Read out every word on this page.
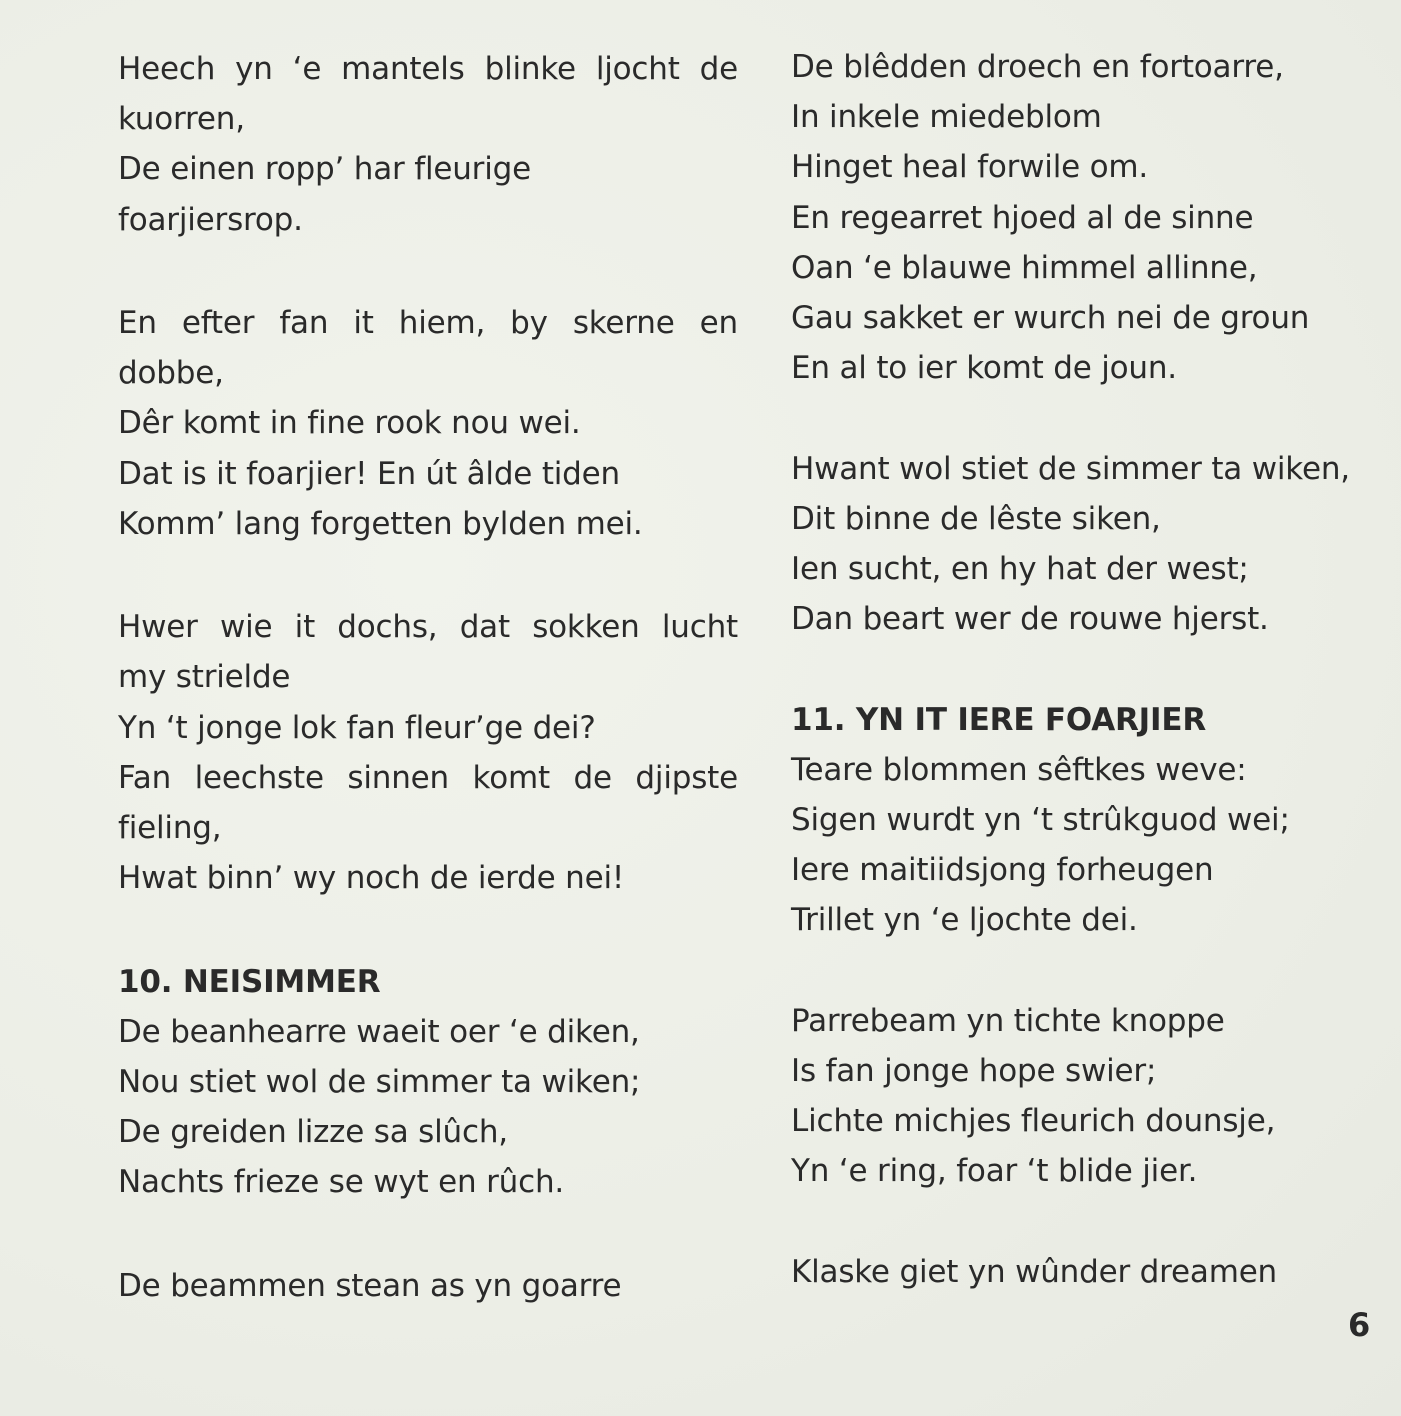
Heech yn ‘e mantels blinke ljocht de
kuorren,
De einen ropp’ har fleurige
foarjiersrop.
En efter fan it hiem, by skerne en
dobbe,
Dêr komt in fine rook nou wei.
Dat is it foarjier! En út âlde tiden
Komm’ lang forgetten bylden mei.
Hwer wie it dochs, dat sokken lucht
my strielde
Yn ‘t jonge lok fan fleur’ge dei?
Fan leechste sinnen komt de djipste
fieling,
Hwat binn’ wy noch de ierde nei!
10. NEISIMMER
De beanhearre waeit oer ‘e diken,
Nou stiet wol de simmer ta wiken;
De greiden lizze sa slûch,
Nachts frieze se wyt en rûch.
De beammen stean as yn goarre
De blêdden droech en fortoarre,
In inkele miedeblom
Hinget heal forwile om.
En regearret hjoed al de sinne
Oan ‘e blauwe himmel allinne,
Gau sakket er wurch nei de groun
En al to ier komt de joun.
Hwant wol stiet de simmer ta wiken,
Dit binne de lêste siken,
Ien sucht, en hy hat der west;
Dan beart wer de rouwe hjerst.
11. YN IT IERE FOARJIER
Teare blommen sêftkes weve:
Sigen wurdt yn ‘t strûkguod wei;
Iere maitiidsjong forheugen
Trillet yn ‘e ljochte dei.
Parrebeam yn tichte knoppe
Is fan jonge hope swier;
Lichte michjes fleurich dounsje,
Yn ‘e ring, foar ‘t blide jier.
Klaske giet yn wûnder dreamen
6
